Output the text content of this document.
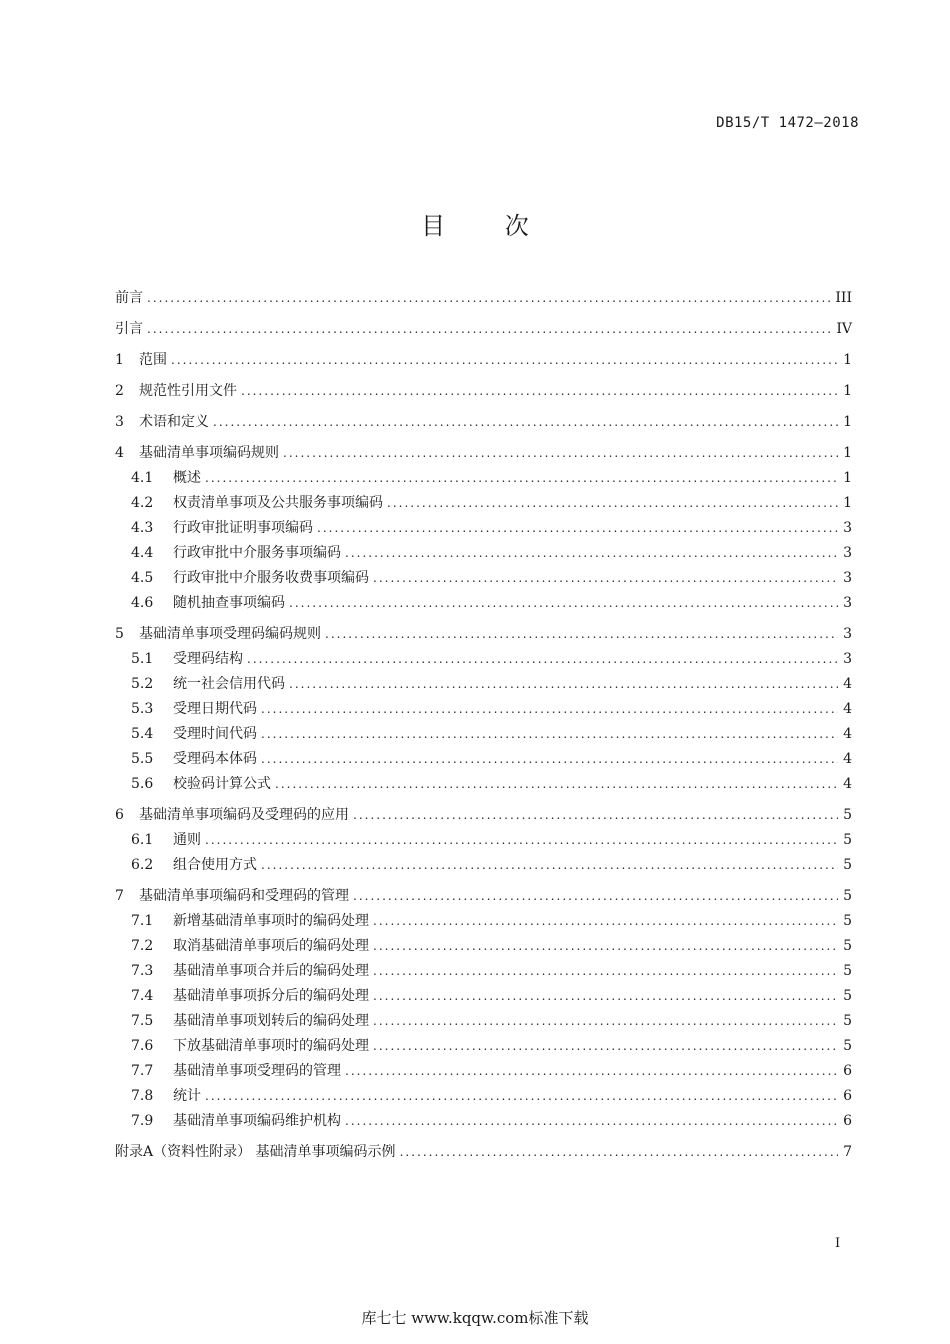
DB15/T 1472—2018
目 次
前言 .....	III
引言 .....	IV
1	范围 .....	1
2	规范性引用文件 .....	1
3	术语和定义 .....	1
4	基础清单事项编码规则 .....	1
4.1	概述 .....	1
4.2	权责清单事项及公共服务事项编码 .....	1
4.3	行政审批证明事项编码 .....	3
4.4	行政审批中介服务事项编码 .....	3
4.5	行政审批中介服务收费事项编码 .....	3
4.6	随机抽查事项编码 .....	3
5	基础清单事项受理码编码规则 .....	3
5.1	受理码结构 .....	3
5.2	统一社会信用代码 .....	4
5.3	受理日期代码 .....	4
5.4	受理时间代码 .....	4
5.5	受理码本体码 .....	4
5.6	校验码计算公式 .....	4
6	基础清单事项编码及受理码的应用 .....	5
6.1	通则 .....	5
6.2	组合使用方式 .....	5
7	基础清单事项编码和受理码的管理 .....	5
7.1	新增基础清单事项时的编码处理 .....	5
7.2	取消基础清单事项后的编码处理 .....	5
7.3	基础清单事项合并后的编码处理 .....	5
7.4	基础清单事项拆分后的编码处理 .....	5
7.5	基础清单事项划转后的编码处理 .....	5
7.6	下放基础清单事项时的编码处理 .....	5
7.7	基础清单事项受理码的管理 .....	6
7.8	统计 .....	6
7.9	基础清单事项编码维护机构 .....	6
附录A（资料性附录） 基础清单事项编码示例 .....	7
I
库七七 www.kqqw.com标准下载
